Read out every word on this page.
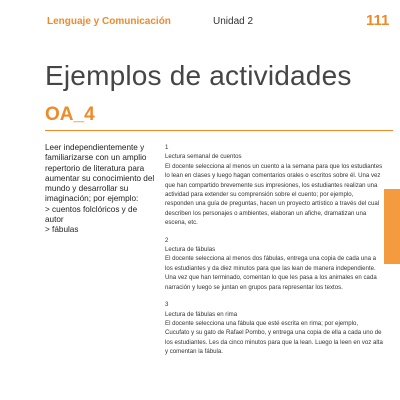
Lenguaje y Comunicación	Unidad 2	111
Ejemplos de actividades
OA_4
Leer independientemente y familiarizarse con un amplio repertorio de literatura para aumentar su conocimiento del mundo y desarrollar su imaginación; por ejemplo:
> cuentos folclóricos y de autor
> fábulas
1
Lectura semanal de cuentos
El docente selecciona al menos un cuento a la semana para que los estudiantes lo lean en clases y luego hagan comentarios orales o escritos sobre él. Una vez que han compartido brevemente sus impresiones, los estudiantes realizan una actividad para extender su comprensión sobre el cuento; por ejemplo, responden una guía de preguntas, hacen un proyecto artístico a través del cual describen los personajes o ambientes, elaboran un afiche, dramatizan una escena, etc.
2
Lectura de fábulas
El docente selecciona al menos dos fábulas, entrega una copia de cada una a los estudiantes y da diez minutos para que las lean de manera independiente. Una vez que han terminado, comentan lo que les pasa a los animales en cada narración y luego se juntan en grupos para representar los textos.
3
Lectura de fábulas en rima
El docente selecciona una fábula que esté escrita en rima; por ejemplo, Cucufato y su gato de Rafael Pombo, y entrega una copia de ella a cada uno de los estudiantes. Les da cinco minutos para que la lean. Luego la leen en voz alta y comentan la fábula.
